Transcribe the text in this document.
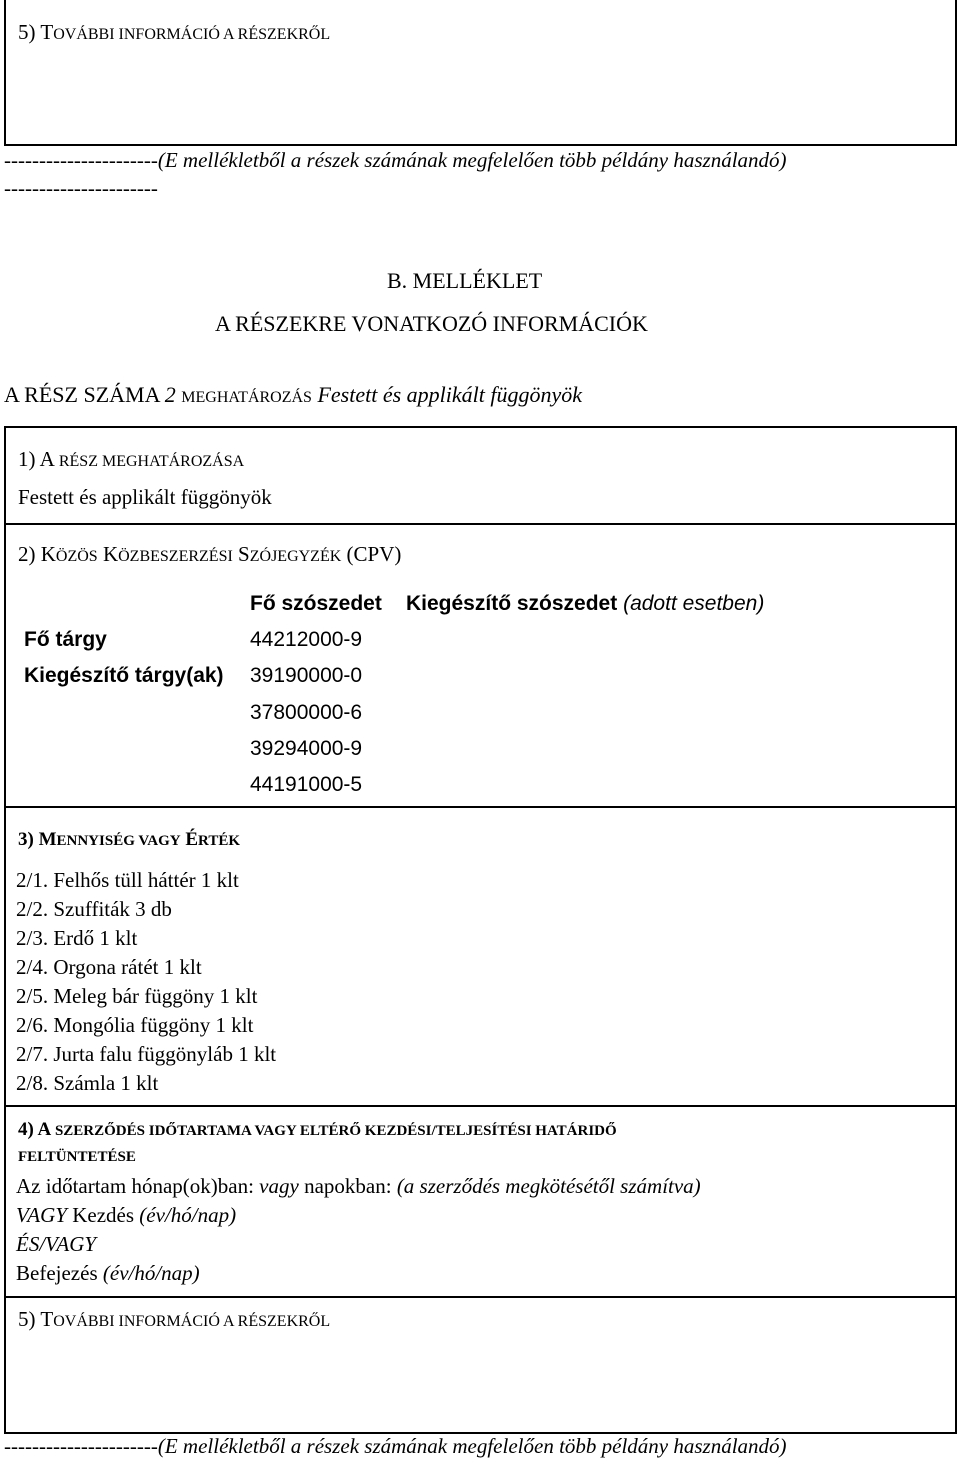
5) TOVÁBBI INFORMÁCIÓ A RÉSZEKRŐL
----------------------(E mellékletből a részek számának megfelelően több példány használandó)
----------------------
B. MELLÉKLET
A RÉSZEKRE VONATKOZÓ INFORMÁCIÓK
A RÉSZ SZÁMA 2 MEGHATÁROZÁS Festett és applikált függönyök
1) A RÉSZ MEGHATÁROZÁSA
Festett és applikált függönyök
2) KÖZÖS KÖZBESZERZÉSI SZÓJEGYZÉK (CPV)
Fő szószedet Kiegészítő szószedet (adott esetben)
Fő tárgy	44212000-9
Kiegészítő tárgy(ak) 39190000-0
37800000-6
39294000-9
44191000-5
3) MENNYISÉG VAGY ÉRTÉK
2/1. Felhős tüll háttér 1 klt
2/2. Szuffiták 3 db
2/3. Erdő 1 klt
2/4. Orgona rátét 1 klt
2/5. Meleg bár függöny 1 klt
2/6. Mongólia függöny 1 klt
2/7. Jurta falu függönyláb 1 klt
2/8. Számla 1 klt
4) A SZERZŐDÉS IDŐTARTAMA VAGY ELTÉRŐ KEZDÉSI/TELJESÍTÉSI HATÁRIDŐ
FELTÜNTETÉSE
Az időtartam hónap(ok)ban: vagy napokban: (a szerződés megkötésétől számítva)
VAGY Kezdés (év/hó/nap)
ÉS/VAGY
Befejezés (év/hó/nap)
5) TOVÁBBI INFORMÁCIÓ A RÉSZEKRŐL
----------------------(E mellékletből a részek számának megfelelően több példány használandó)
